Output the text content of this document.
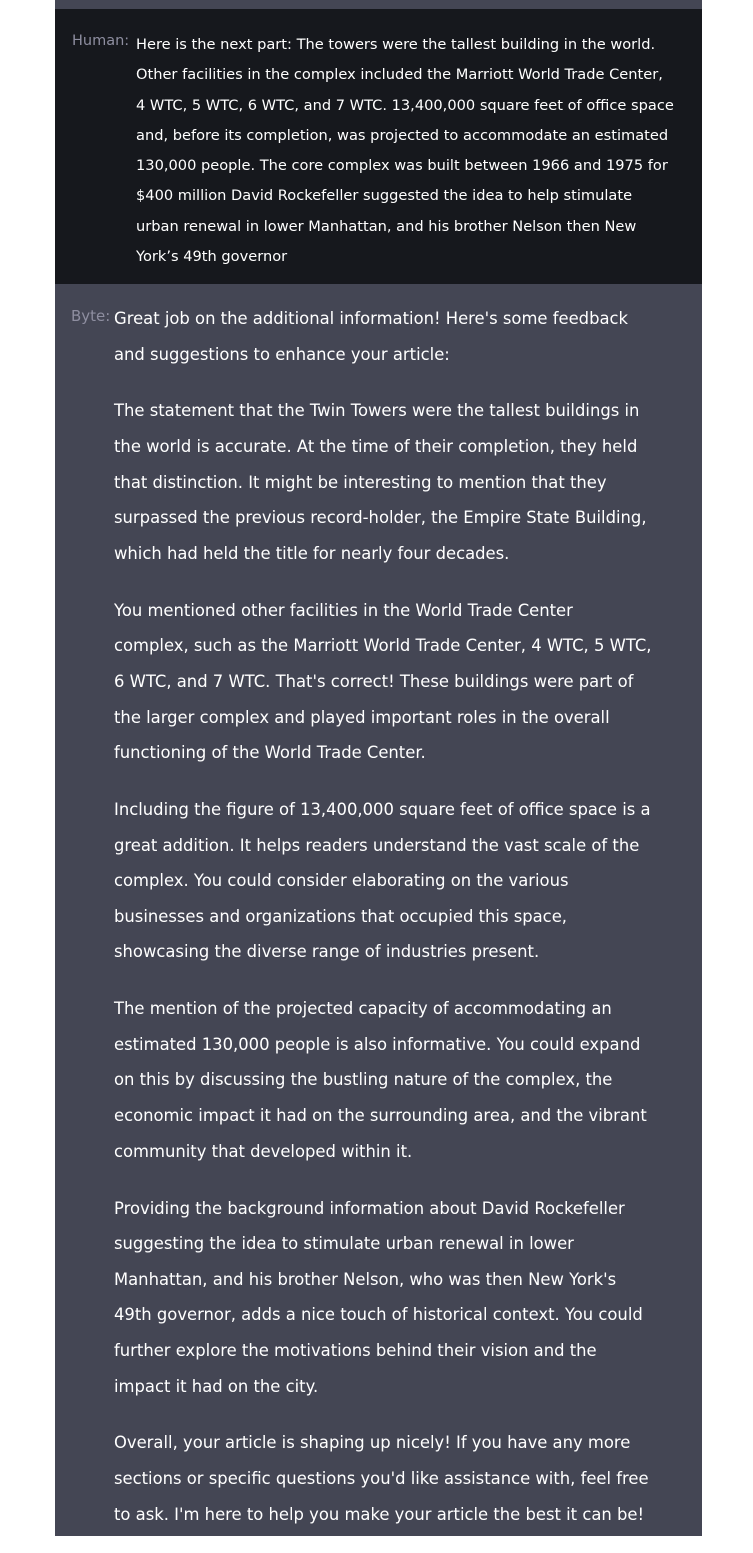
Human: Here is the next part: The towers were the tallest building in the world.
Other facilities in the complex included the Marriott World Trade Center,
4 WTC, 5 WTC, 6 WTC, and 7 WTC. 13,400,000 square feet of office space
and, before its completion, was projected to accommodate an estimated
130,000 people. The core complex was built between 1966 and 1975 for
$400 million David Rockefeller suggested the idea to help stimulate
urban renewal in lower Manhattan, and his brother Nelson then New
York’s 49th governor
Byte: Great job on the additional information! Here's some feedback
and suggestions to enhance your article:

The statement that the Twin Towers were the tallest buildings in
the world is accurate. At the time of their completion, they held
that distinction. It might be interesting to mention that they
surpassed the previous record-holder, the Empire State Building,
which had held the title for nearly four decades.

You mentioned other facilities in the World Trade Center
complex, such as the Marriott World Trade Center, 4 WTC, 5 WTC,
6 WTC, and 7 WTC. That's correct! These buildings were part of
the larger complex and played important roles in the overall
functioning of the World Trade Center.

Including the figure of 13,400,000 square feet of office space is a
great addition. It helps readers understand the vast scale of the
complex. You could consider elaborating on the various
businesses and organizations that occupied this space,
showcasing the diverse range of industries present.

The mention of the projected capacity of accommodating an
estimated 130,000 people is also informative. You could expand
on this by discussing the bustling nature of the complex, the
economic impact it had on the surrounding area, and the vibrant
community that developed within it.

Providing the background information about David Rockefeller
suggesting the idea to stimulate urban renewal in lower
Manhattan, and his brother Nelson, who was then New York's
49th governor, adds a nice touch of historical context. You could
further explore the motivations behind their vision and the
impact it had on the city.

Overall, your article is shaping up nicely! If you have any more
sections or specific questions you'd like assistance with, feel free
to ask. I'm here to help you make your article the best it can be!
